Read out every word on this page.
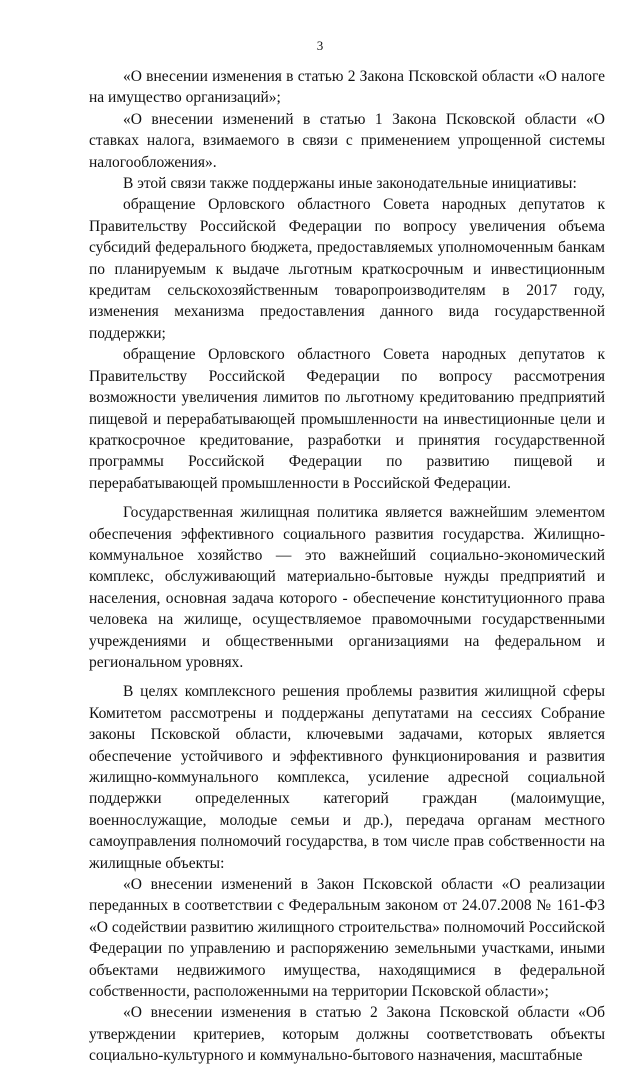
3

«О внесении изменения в статью 2 Закона Псковской области «О налоге на имущество организаций»;

«О внесении изменений в статью 1 Закона Псковской области «О ставках налога, взимаемого в связи с применением упрощенной системы налогообложения».

В этой связи также поддержаны иные законодательные инициативы:

обращение Орловского областного Совета народных депутатов к Правительству Российской Федерации по вопросу увеличения объема субсидий федерального бюджета, предоставляемых уполномоченным банкам по планируемым к выдаче льготным краткосрочным и инвестиционным кредитам сельскохозяйственным товаропроизводителям в 2017 году, изменения механизма предоставления данного вида государственной поддержки;

обращение Орловского областного Совета народных депутатов к Правительству Российской Федерации по вопросу рассмотрения возможности увеличения лимитов по льготному кредитованию предприятий пищевой и перерабатывающей промышленности на инвестиционные цели и краткосрочное кредитование, разработки и принятия государственной программы Российской Федерации по развитию пищевой и перерабатывающей промышленности в Российской Федерации.

Государственная жилищная политика является важнейшим элементом обеспечения эффективного социального развития государства. Жилищно-коммунальное хозяйство — это важнейший социально-экономический комплекс, обслуживающий материально-бытовые нужды предприятий и населения, основная задача которого - обеспечение конституционного права человека на жилище, осуществляемое правомочными государственными учреждениями и общественными организациями на федеральном и региональном уровнях.

В целях комплексного решения проблемы развития жилищной сферы Комитетом рассмотрены и поддержаны депутатами на сессиях Собрание законы Псковской области, ключевыми задачами, которых является обеспечение устойчивого и эффективного функционирования и развития жилищно-коммунального комплекса, усиление адресной социальной поддержки определенных категорий граждан (малоимущие, военнослужащие, молодые семьи и др.), передача органам местного самоуправления полномочий государства, в том числе прав собственности на жилищные объекты:

«О внесении изменений в Закон Псковской области «О реализации переданных в соответствии с Федеральным законом от 24.07.2008 № 161-ФЗ «О содействии развитию жилищного строительства» полномочий Российской Федерации по управлению и распоряжению земельными участками, иными объектами недвижимого имущества, находящимися в федеральной собственности, расположенными на территории Псковской области»;

«О внесении изменения в статью 2 Закона Псковской области «Об утверждении критериев, которым должны соответствовать объекты социально-культурного и коммунально-бытового назначения, масштабные
